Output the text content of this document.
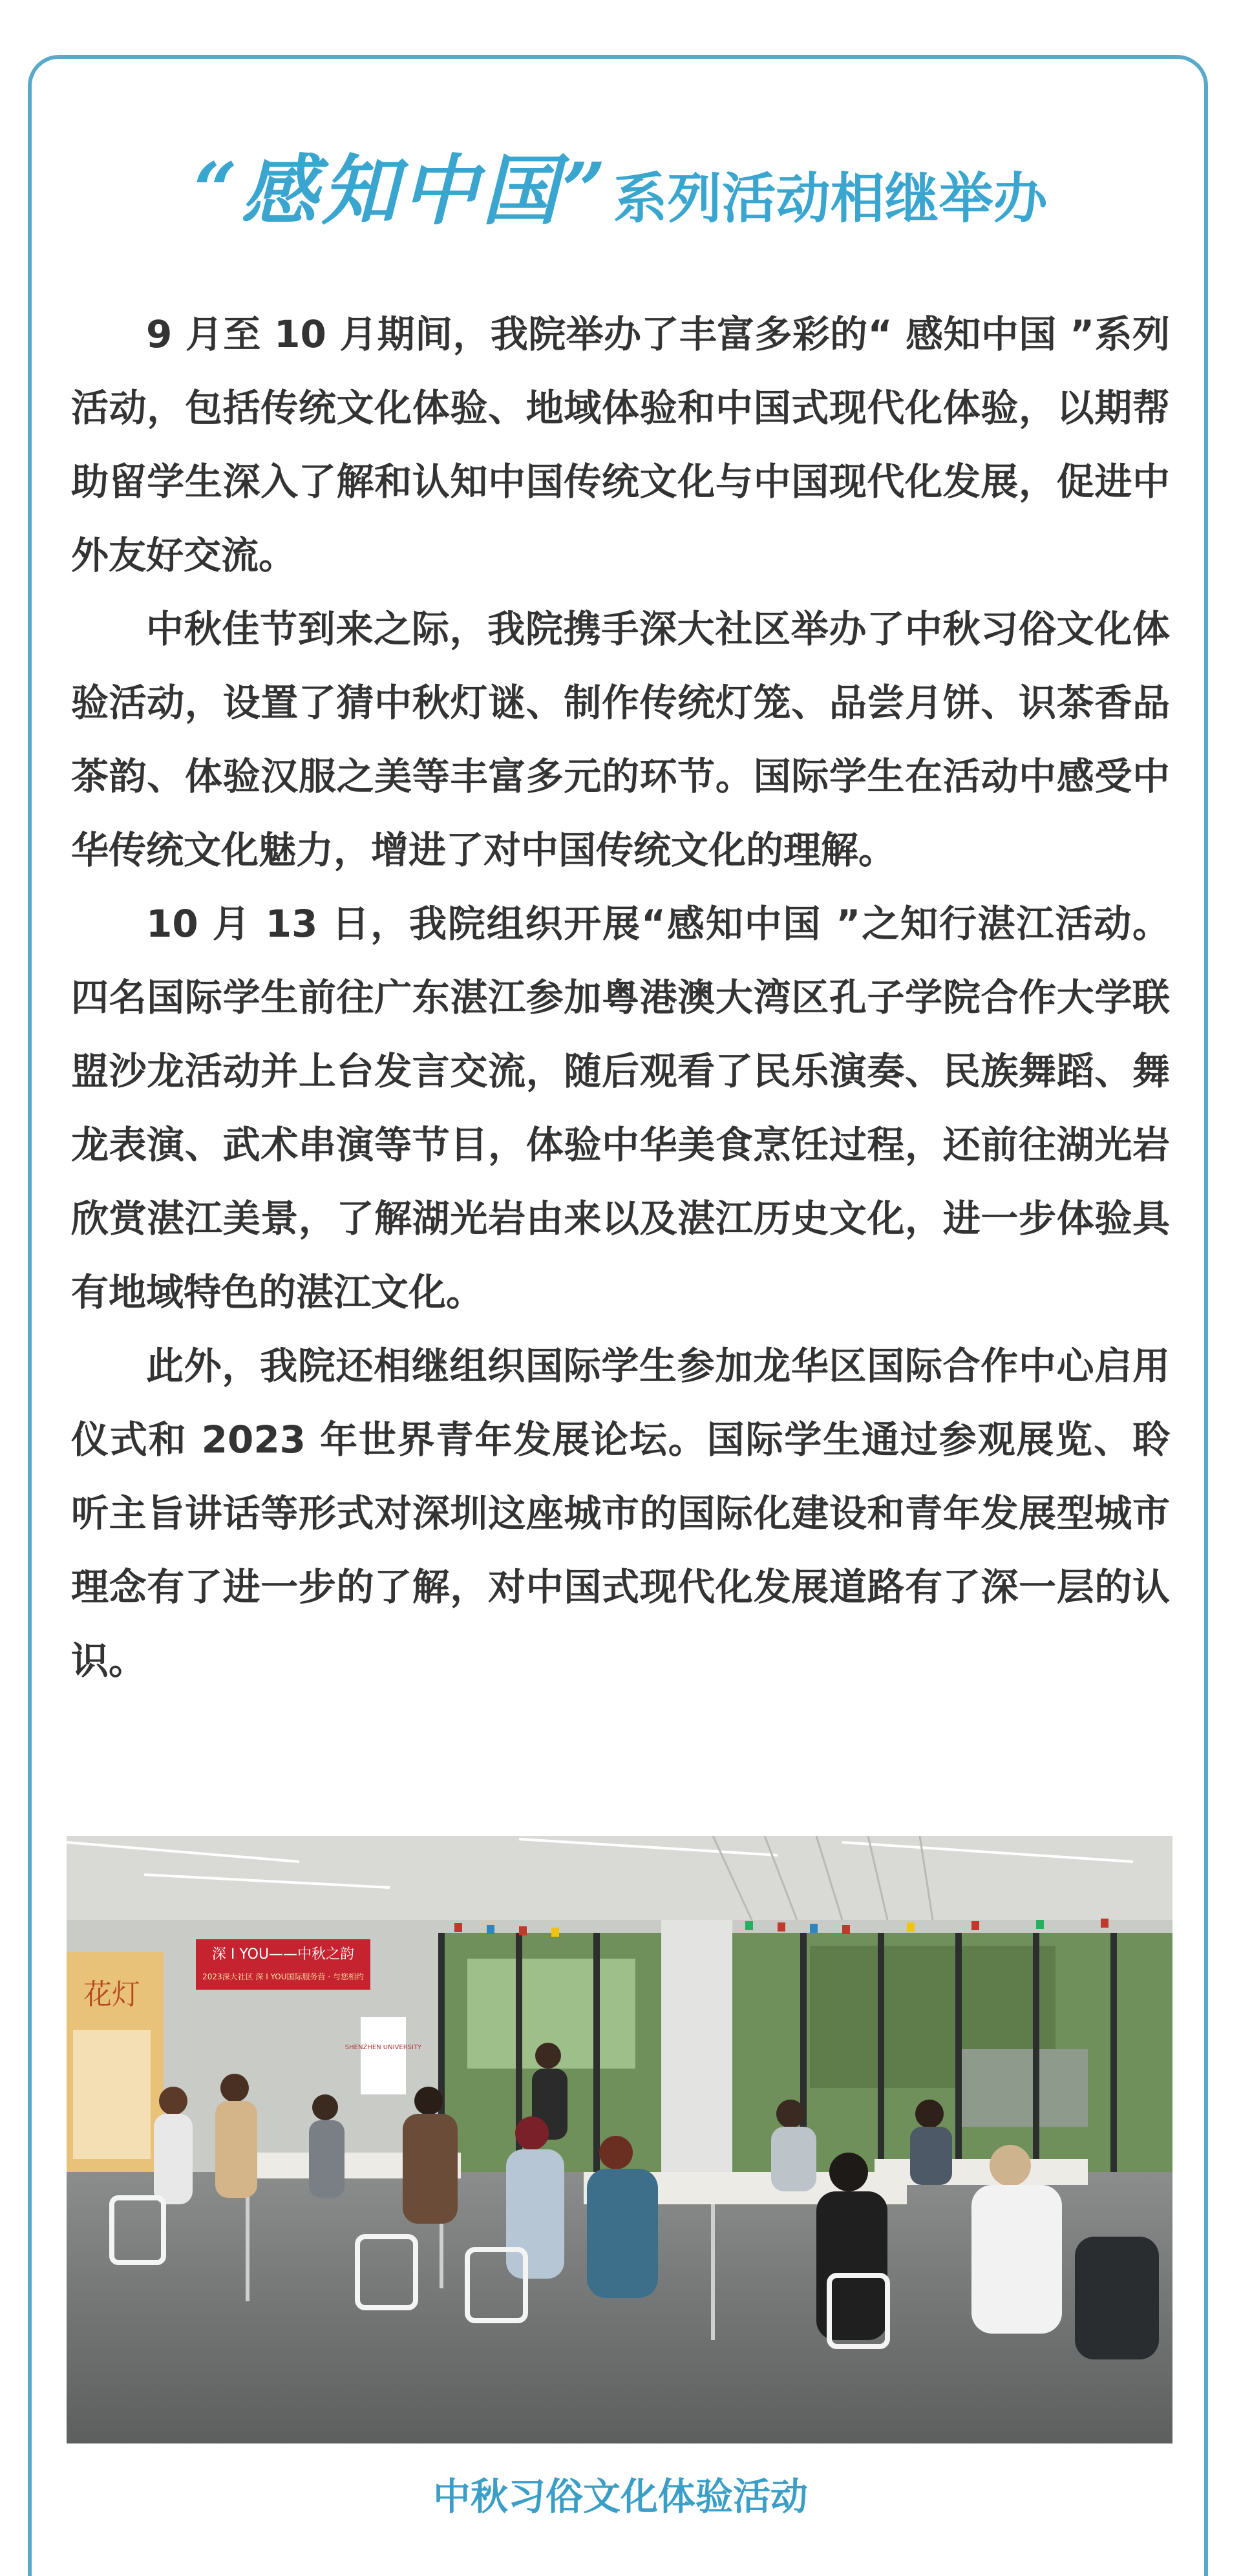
“感知中国” 系列活动相继举办

9 月至 10 月期间，我院举办了丰富多彩的“ 感知中国 ”系列活动，包括传统文化体验、地域体验和中国式现代化体验，以期帮助留学生深入了解和认知中国传统文化与中国现代化发展，促进中外友好交流。

中秋佳节到来之际，我院携手深大社区举办了中秋习俗文化体验活动，设置了猜中秋灯谜、制作传统灯笼、品尝月饼、识茶香品茶韵、体验汉服之美等丰富多元的环节。国际学生在活动中感受中华传统文化魅力，增进了对中国传统文化的理解。

10 月 13 日，我院组织开展“感知中国 ”之知行湛江活动。四名国际学生前往广东湛江参加粤港澳大湾区孔子学院合作大学联盟沙龙活动并上台发言交流，随后观看了民乐演奏、民族舞蹈、舞龙表演、武术串演等节目，体验中华美食烹饪过程，还前往湖光岩欣赏湛江美景，了解湖光岩由来以及湛江历史文化，进一步体验具有地域特色的湛江文化。

此外，我院还相继组织国际学生参加龙华区国际合作中心启用仪式和 2023 年世界青年发展论坛。国际学生通过参观展览、聆听主旨讲话等形式对深圳这座城市的国际化建设和青年发展型城市理念有了进一步的了解，对中国式现代化发展道路有了深一层的认识。

深 I YOU——中秋之韵
2023深大社区 深 I YOU国际服务营 · 与您相约
花灯
SHENZHEN UNIVERSITY
中秋习俗文化体验活动
